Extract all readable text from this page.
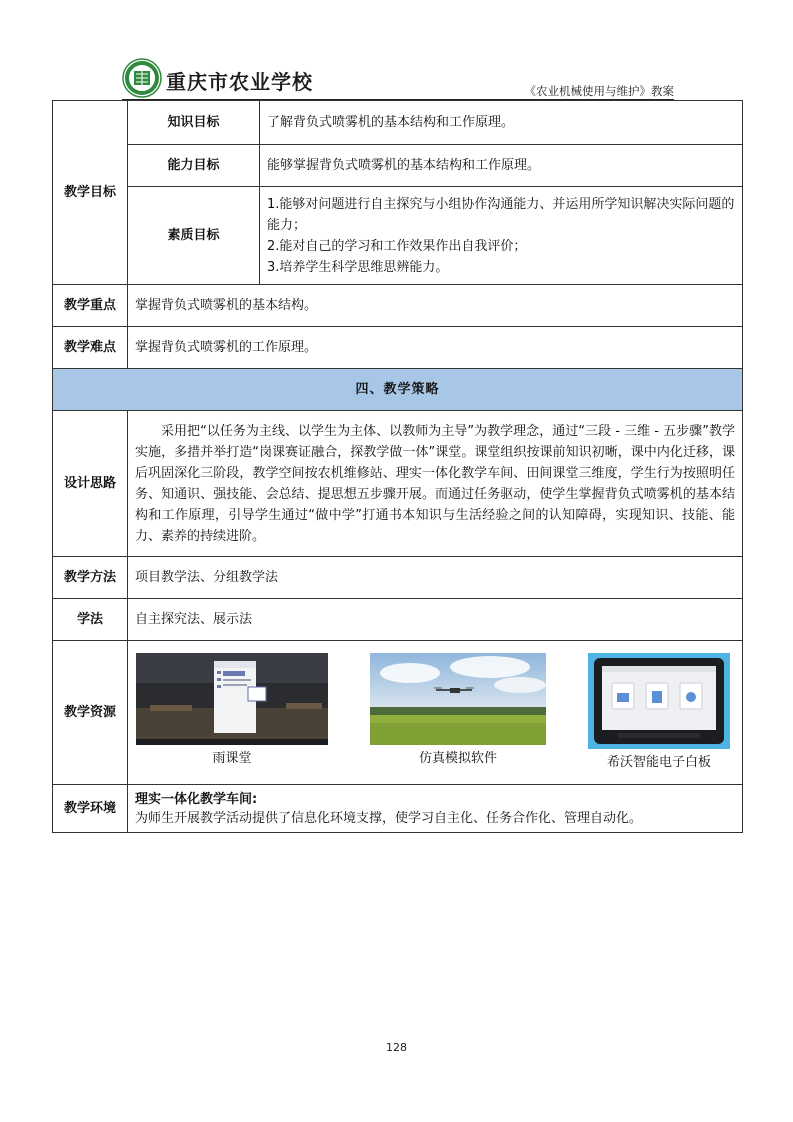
重庆市农业学校	《农业机械使用与维护》教案
教学目标	知识目标	了解背负式喷雾机的基本结构和工作原理。
	能力目标	能够掌握背负式喷雾机的基本结构和工作原理。
	素质目标	1.能够对问题进行自主探究与小组协作沟通能力、并运用所学知识解决实际问题的能力；
2.能对自己的学习和工作效果作出自我评价；
3.培养学生科学思维思辨能力。

教学重点	掌握背负式喷雾机的基本结构。	
教学难点	掌握背负式喷雾机的工作原理。	
四、教学策略		
设计思路	采用把“以任务为主线、以学生为主体、以教师为主导”为教学理念，通过“三段 - 三维 - 五步骤”教学实施，多措并举打造“岗课赛证融合，探教学做一体”课堂。课堂组织按课前知识初晰，课中内化迁移，课后巩固深化三阶段，教学空间按农机维修站、理实一体化教学车间、田间课堂三维度，学生行为按照明任务、知通识、强技能、会总结、提思想五步骤开展。而通过任务驱动，使学生掌握背负式喷雾机的基本结构和工作原理，引导学生通过“做中学”打通书本知识与生活经验之间的认知障碍，实现知识、技能、能力、素养的持续进阶。	
教学方法	项目教学法、分组教学法	
学法	自主探究法、展示法	
教学资源	雨课堂 仿真模拟软件 希沃智能电子白板	

教学环境	理实一体化教学车间:
为师生开展教学活动提供了信息化环境支撑，使学习自主化、任务合作化、管理自动化。	
128
